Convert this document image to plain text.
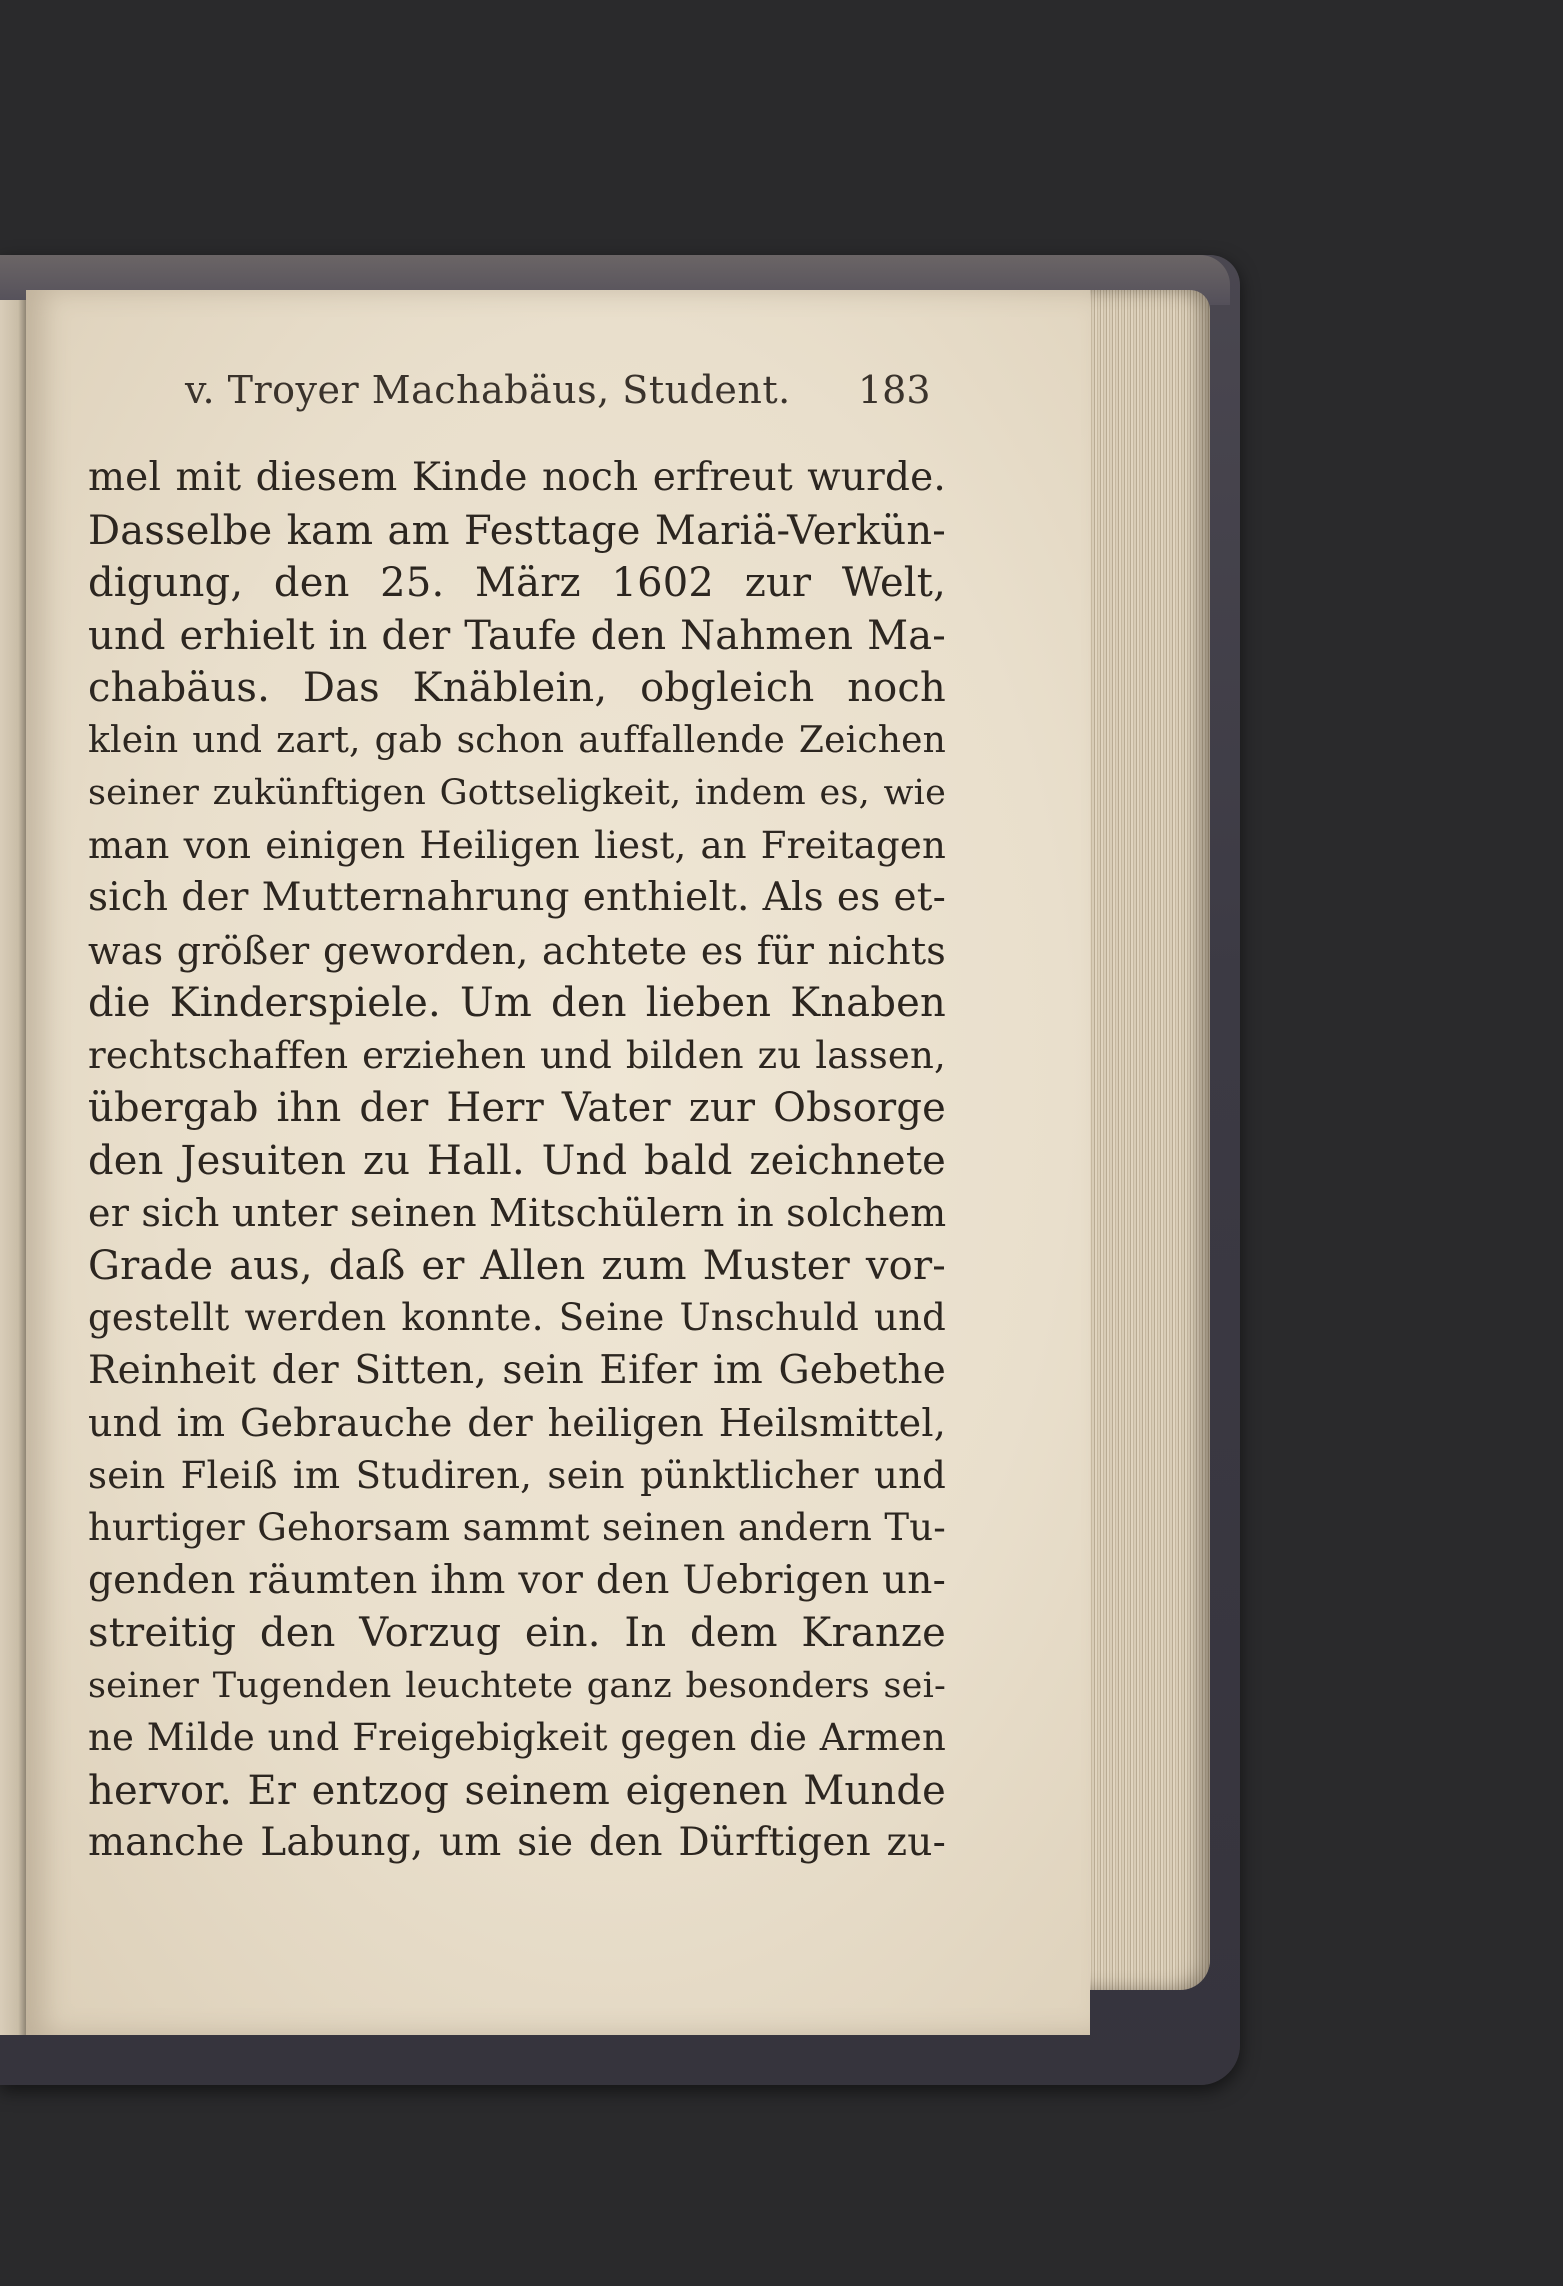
v. Troyer Machabäus, Student.	183
mel mit diesem Kinde noch erfreut wurde.
Dasselbe kam am Festtage Mariä-Verkün-
digung, den 25. März 1602 zur Welt,
und erhielt in der Taufe den Nahmen Ma-
chabäus. Das Knäblein, obgleich noch
klein und zart, gab schon auffallende Zeichen
seiner zukünftigen Gottseligkeit, indem es, wie
man von einigen Heiligen liest, an Freitagen
sich der Mutternahrung enthielt. Als es et-
was größer geworden, achtete es für nichts
die Kinderspiele. Um den lieben Knaben
rechtschaffen erziehen und bilden zu lassen,
übergab ihn der Herr Vater zur Obsorge
den Jesuiten zu Hall. Und bald zeichnete
er sich unter seinen Mitschülern in solchem
Grade aus, daß er Allen zum Muster vor-
gestellt werden konnte. Seine Unschuld und
Reinheit der Sitten, sein Eifer im Gebethe
und im Gebrauche der heiligen Heilsmittel,
sein Fleiß im Studiren, sein pünktlicher und
hurtiger Gehorsam sammt seinen andern Tu-
genden räumten ihm vor den Uebrigen un-
streitig den Vorzug ein. In dem Kranze
seiner Tugenden leuchtete ganz besonders sei-
ne Milde und Freigebigkeit gegen die Armen
hervor. Er entzog seinem eigenen Munde
manche Labung, um sie den Dürftigen zu-
